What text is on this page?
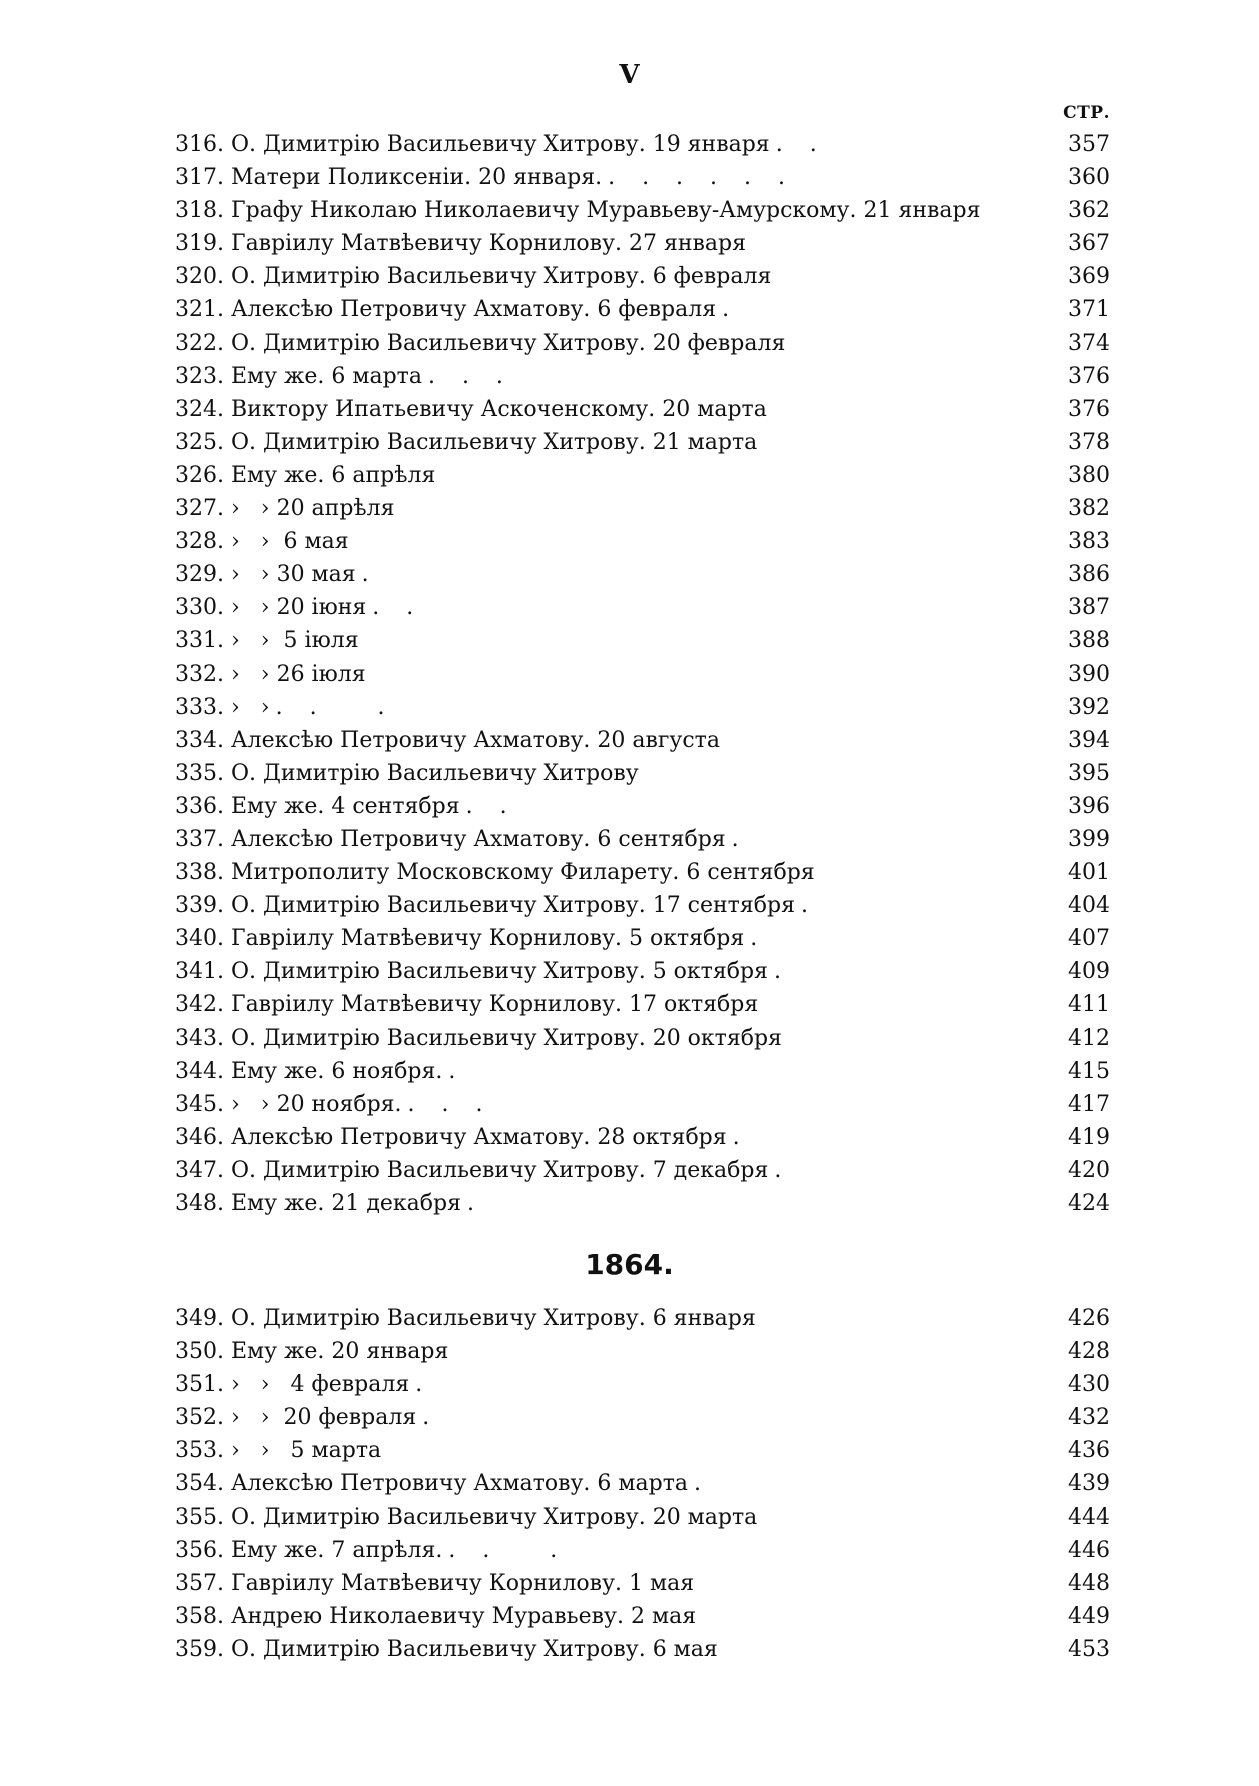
V
СТР.
316. О. Димитрію Васильевичу Хитрову. 19 января . .	357
317. Матери Поликсеніи. 20 января. . . . . . .	360
318. Графу Николаю Николаевичу Муравьеву-Амурскому. 21 января	362
319. Гавріилу Матвѣевичу Корнилову. 27 января	367
320. О. Димитрію Васильевичу Хитрову. 6 февраля	369
321. Алексѣю Петровичу Ахматову. 6 февраля .	371
322. О. Димитрію Васильевичу Хитрову. 20 февраля	374
323. Ему же. 6 марта . . .	376
324. Виктору Ипатьевичу Аскоченскому. 20 марта	376
325. О. Димитрію Васильевичу Хитрову. 21 марта	378
326. Ему же. 6 апрѣля	380
327. ›   › 20 апрѣля	382
328. ›   ›  6 мая	383
329. ›   › 30 мая .	386
330. ›   › 20 іюня . .	387
331. ›   ›  5 іюля	388
332. ›   › 26 іюля	390
333. ›   › . .   .	392
334. Алексѣю Петровичу Ахматову. 20 августа	394
335. О. Димитрію Васильевичу Хитрову	395
336. Ему же. 4 сентября . .	396
337. Алексѣю Петровичу Ахматову. 6 сентября .	399
338. Митрополиту Московскому Филарету. 6 сентября	401
339. О. Димитрію Васильевичу Хитрову. 17 сентября .	404
340. Гавріилу Матвѣевичу Корнилову. 5 октября .	407
341. О. Димитрію Васильевичу Хитрову. 5 октября .	409
342. Гавріилу Матвѣевичу Корнилову. 17 октября	411
343. О. Димитрію Васильевичу Хитрову. 20 октября	412
344. Ему же. 6 ноября. .	415
345. ›   › 20 ноября. . . .	417
346. Алексѣю Петровичу Ахматову. 28 октября .	419
347. О. Димитрію Васильевичу Хитрову. 7 декабря .	420
348. Ему же. 21 декабря .	424
1864.
349. О. Димитрію Васильевичу Хитрову. 6 января	426
350. Ему же. 20 января	428
351. ›   ›   4 февраля .	430
352. ›   ›  20 февраля .	432
353. ›   ›   5 марта	436
354. Алексѣю Петровичу Ахматову. 6 марта .	439
355. О. Димитрію Васильевичу Хитрову. 20 марта	444
356. Ему же. 7 апрѣля. . .   .	446
357. Гавріилу Матвѣевичу Корнилову. 1 мая	448
358. Андрею Николаевичу Муравьеву. 2 мая	449
359. О. Димитрію Васильевичу Хитрову. 6 мая	453
